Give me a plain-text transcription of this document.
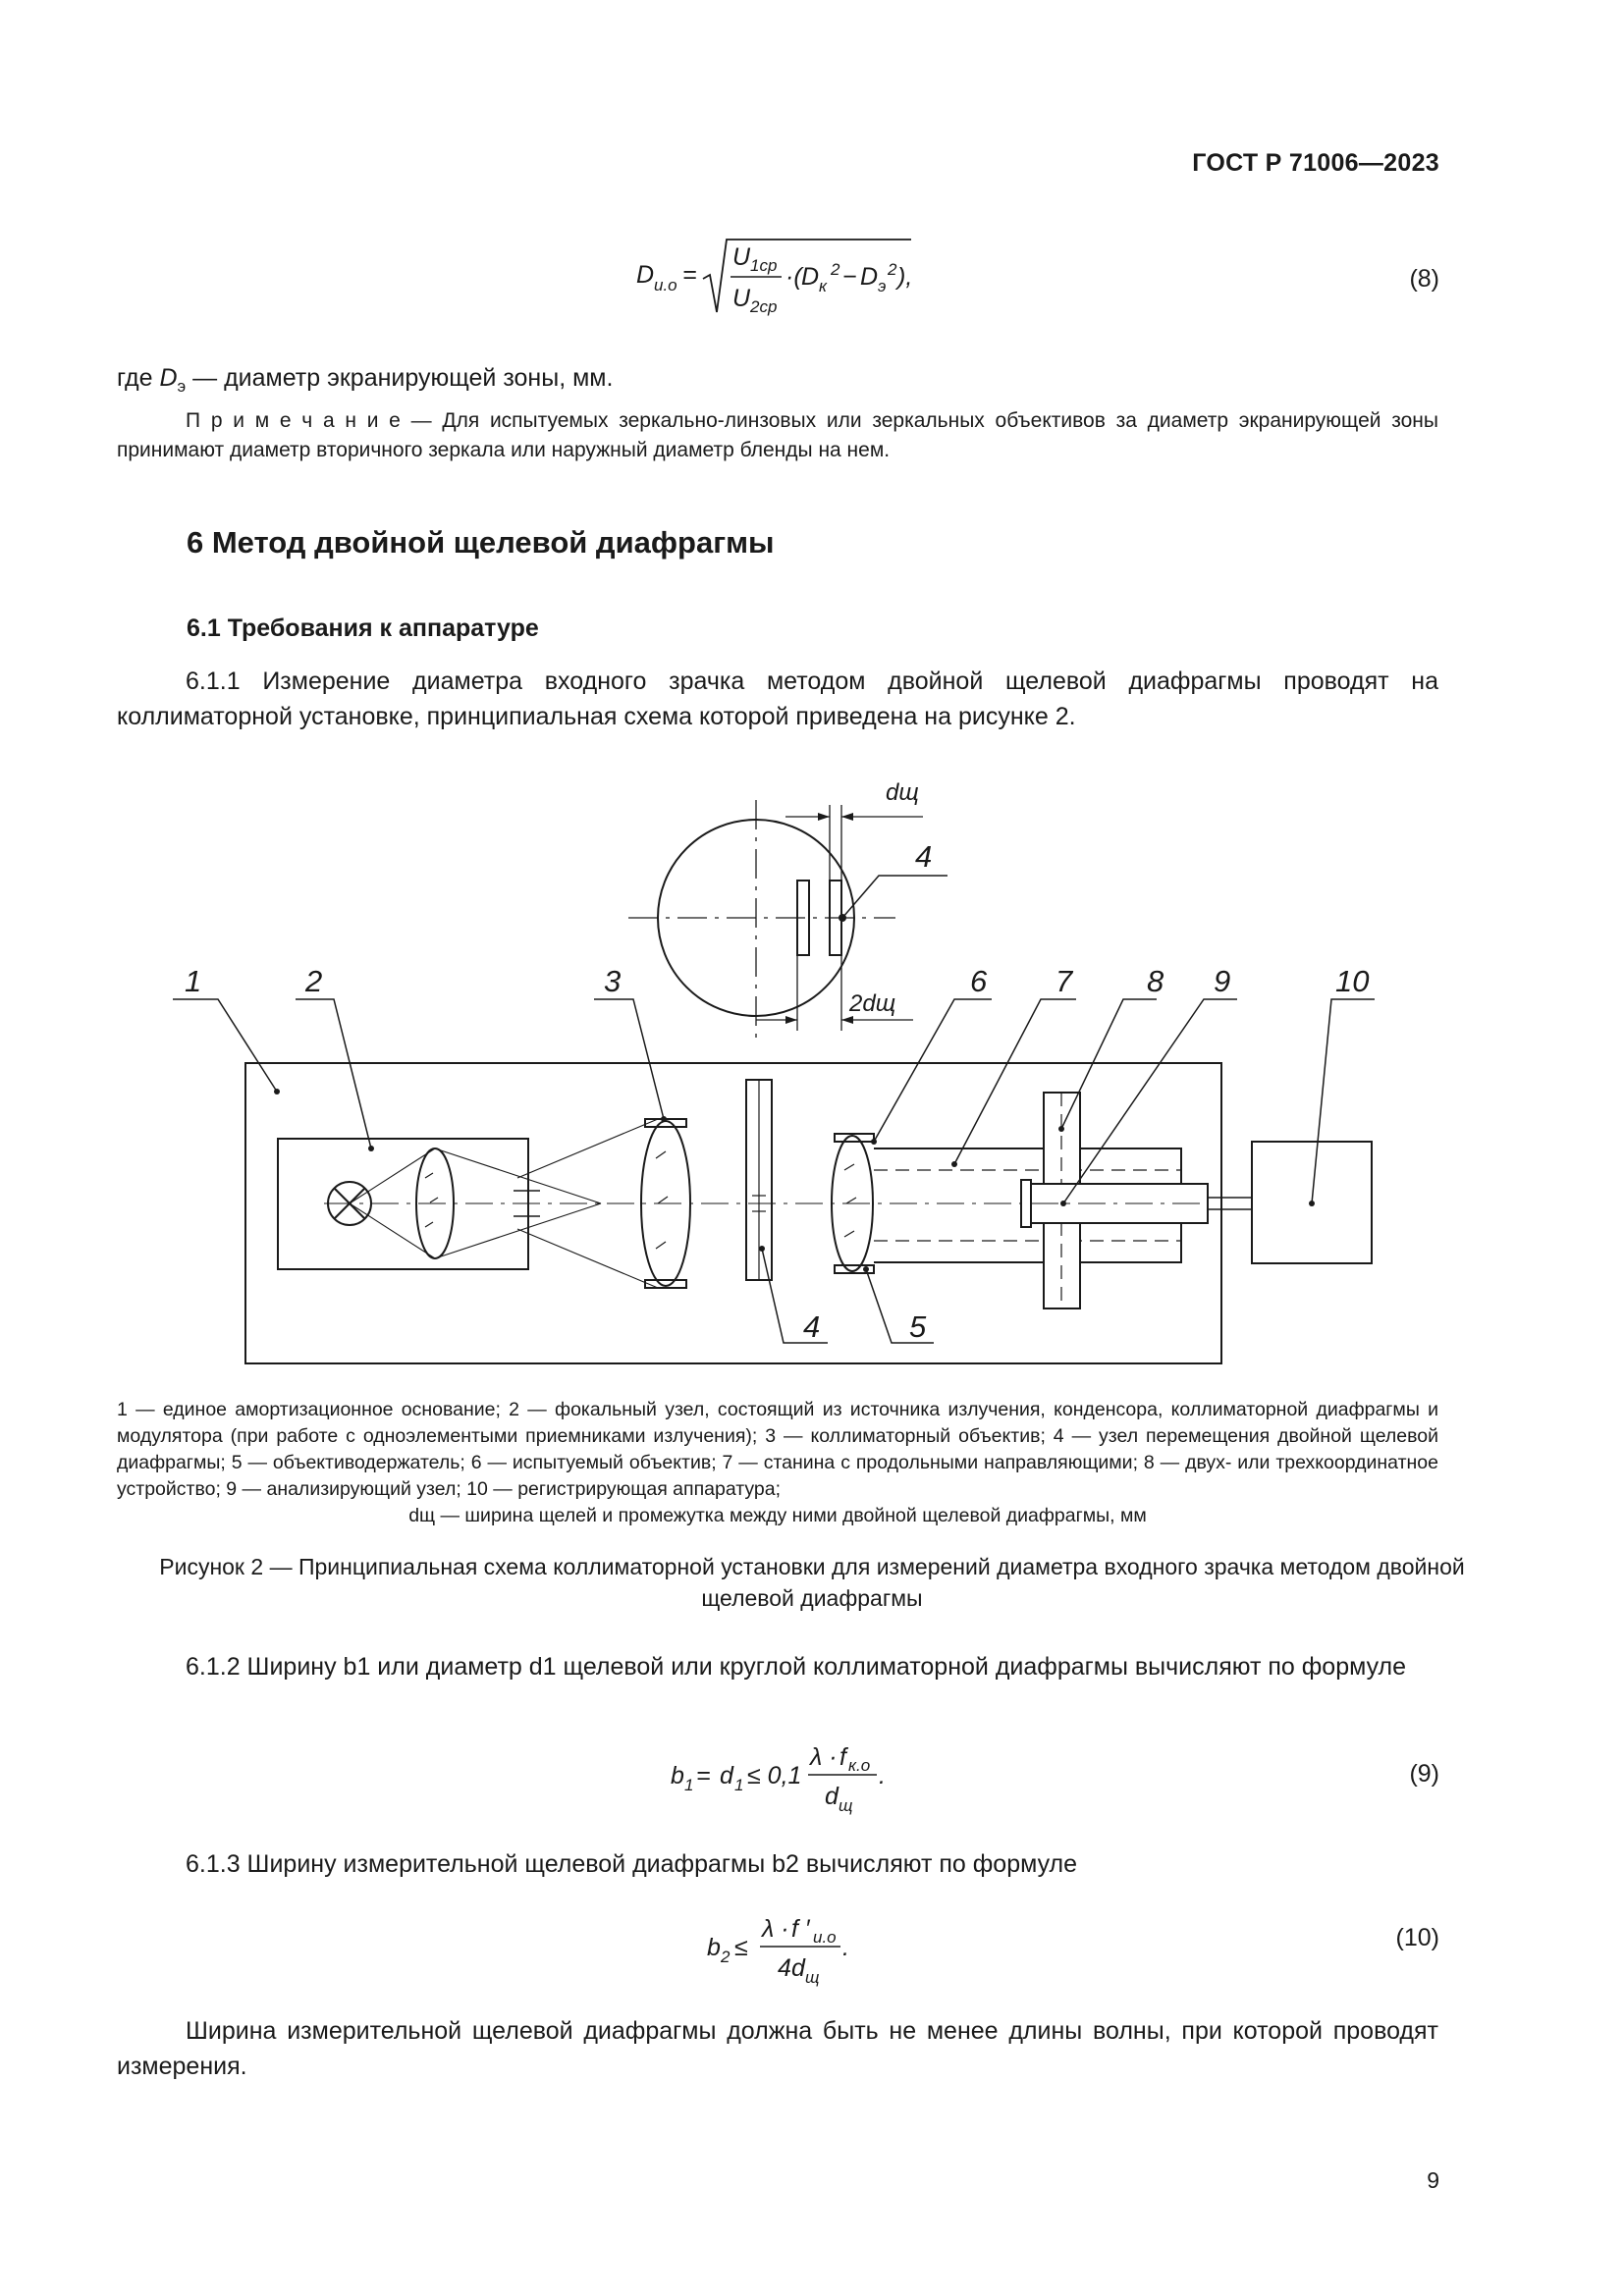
ГОСТ Р 71006—2023
D и.о =
U 1ср
U 2ср
·( D к
2 − D э
2 ),	(8)
где $D_э$ — диаметр экранирующей зоны, мм.
П р и м е ч а н и е — Для испытуемых зеркально-линзовых или зеркальных объективов за диаметр экранирующей зоны принимают диаметр вторичного зеркала или наружный диаметр бленды на нем.
6 Метод двойной щелевой диафрагмы
6.1 Требования к аппаратуре
6.1.1 Измерение диаметра входного зрачка методом двойной щелевой диафрагмы проводят на коллиматорной установке, принципиальная схема которой приведена на рисунке 2.
1	2	3
4
4	5
6 7 8 9	10
dщ
2dщ
1 — единое амортизационное основание; 2 — фокальный узел, состоящий из источника излучения, конденсора, коллиматорной диафрагмы и модулятора (при работе с одноэлементыми приемниками излучения); 3 — коллиматорный объектив; 4 — узел перемещения двойной щелевой диафрагмы; 5 — объективодержатель; 6 — испытуемый объектив; 7 — станина с продольными направляющими; 8 — двух- или трехкоординатное устройство; 9 — анализирующий узел; 10 — регистрирующая аппаратура;
dщ — ширина щелей и промежутка между ними двойной щелевой диафрагмы, мм
Рисунок 2 — Принципиальная схема коллиматорной установки для измерений диаметра входного зрачка методом двойной щелевой диафрагмы
6.1.2 Ширину b1 или диаметр d1 щелевой или круглой коллиматорной диафрагмы вычисляют по формуле
b 1 = d 1 ≤ 0,1
λ · f к.о
d щ
.	(9)
6.1.3 Ширину измерительной щелевой диафрагмы b2 вычисляют по формуле
b 2 ≤
λ · f ′ и.о
4 d щ
.	(10)
Ширина измерительной щелевой диафрагмы должна быть не менее длины волны, при которой проводят измерения.
9
